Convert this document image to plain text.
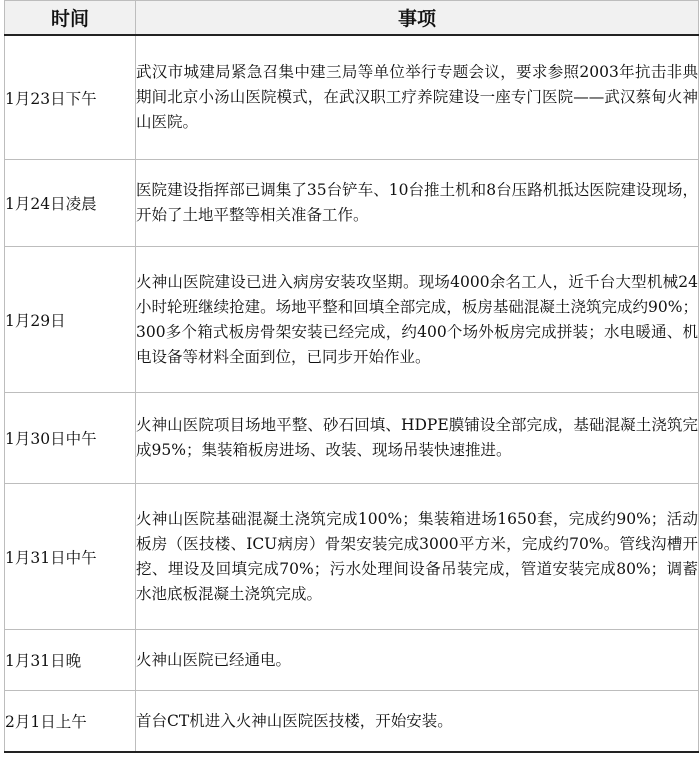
时间	事项
1月23日下午	武汉市城建局紧急召集中建三局等单位举行专题会议，要求参照2003年抗击非典期间北京小汤山医院模式，在武汉职工疗养院建设一座专门医院——武汉蔡甸火神山医院。
1月24日凌晨	医院建设指挥部已调集了35台铲车、10台推土机和8台压路机抵达医院建设现场，开始了土地平整等相关准备工作。
1月29日	火神山医院建设已进入病房安装攻坚期。现场4000余名工人，近千台大型机械24小时轮班继续抢建。场地平整和回填全部完成，板房基础混凝土浇筑完成约90%；300多个箱式板房骨架安装已经完成，约400个场外板房完成拼装；水电暖通、机电设备等材料全面到位，已同步开始作业。
1月30日中午	火神山医院项目场地平整、砂石回填、HDPE膜铺设全部完成，基础混凝土浇筑完成95%；集装箱板房进场、改装、现场吊装快速推进。
1月31日中午	火神山医院基础混凝土浇筑完成100%；集装箱进场1650套，完成约90%；活动板房（医技楼、ICU病房）骨架安装完成3000平方米，完成约70%。管线沟槽开挖、埋设及回填完成70%；污水处理间设备吊装完成，管道安装完成80%；调蓄水池底板混凝土浇筑完成。
1月31日晚	火神山医院已经通电。
2月1日上午	首台CT机进入火神山医院医技楼，开始安装。
